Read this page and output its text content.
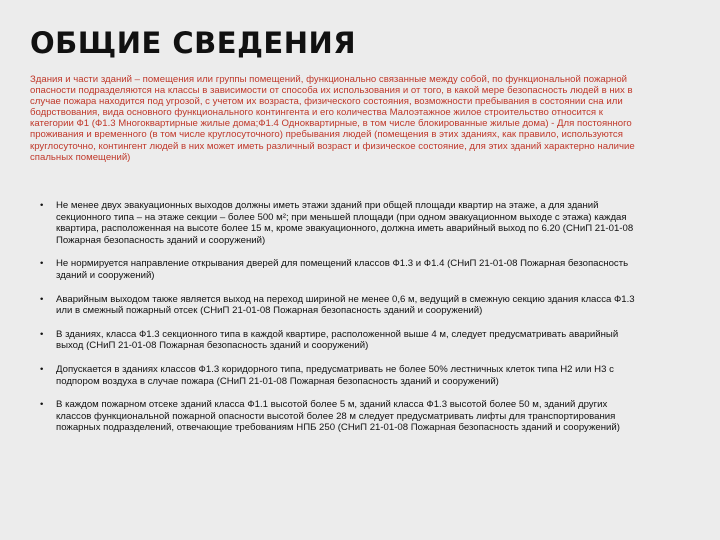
ОБЩИЕ СВЕДЕНИЯ
Здания и части зданий – помещения или группы помещений, функционально связанные между собой, по функциональной пожарной опасности подразделяются на классы в зависимости от способа их использования и от того, в какой мере безопасность людей в них в случае пожара находится под угрозой, с учетом их возраста, физического состояния, возможности пребывания в состоянии сна или бодрствования, вида основного функционального контингента и его количества Малоэтажное жилое строительство относится к категории Ф1 (Ф1.3 Многоквартирные жилые дома;Ф1.4 Одноквартирные, в том числе блокированные жилые дома) - Для постоянного проживания и временного (в том числе круглосуточного) пребывания людей (помещения в этих зданиях, как правило, используются круглосуточно, контингент людей в них может иметь различный возраст и физическое состояние, для этих зданий характерно наличие спальных помещений)
• Не менее двух эвакуационных выходов должны иметь этажи зданий при общей площади квартир на этаже, а для зданий секционного типа – на этаже секции – более 500 м²; при меньшей площади (при одном эвакуационном выходе с этажа) каждая квартира, расположенная на высоте более 15 м, кроме эвакуационного, должна иметь аварийный выход по 6.20 (СНиП 21-01-08 Пожарная безопасность зданий и сооружений)
• Не нормируется направление открывания дверей для помещений классов Ф1.3 и Ф1.4 (СНиП 21-01-08 Пожарная безопасность зданий и сооружений)
• Аварийным выходом также является выход на переход шириной не менее 0,6 м, ведущий в смежную секцию здания класса Ф1.3 или в смежный пожарный отсек (СНиП 21-01-08 Пожарная безопасность зданий и сооружений)
• В зданиях, класса Ф1.3 секционного типа в каждой квартире, расположенной выше 4 м, следует предусматривать аварийный выход (СНиП 21-01-08 Пожарная безопасность зданий и сооружений)
• Допускается в зданиях классов Ф1.3 коридорного типа, предусматривать не более 50% лестничных клеток типа Н2 или Н3 с подпором воздуха в случае пожара (СНиП 21-01-08 Пожарная безопасность зданий и сооружений)
• В каждом пожарном отсеке зданий класса Ф1.1 высотой более 5 м, зданий класса Ф1.3 высотой более 50 м, зданий других классов функциональной пожарной опасности высотой более 28 м следует предусматривать лифты для транспортирования пожарных подразделений, отвечающие требованиям НПБ 250 (СНиП 21-01-08 Пожарная безопасность зданий и сооружений)
